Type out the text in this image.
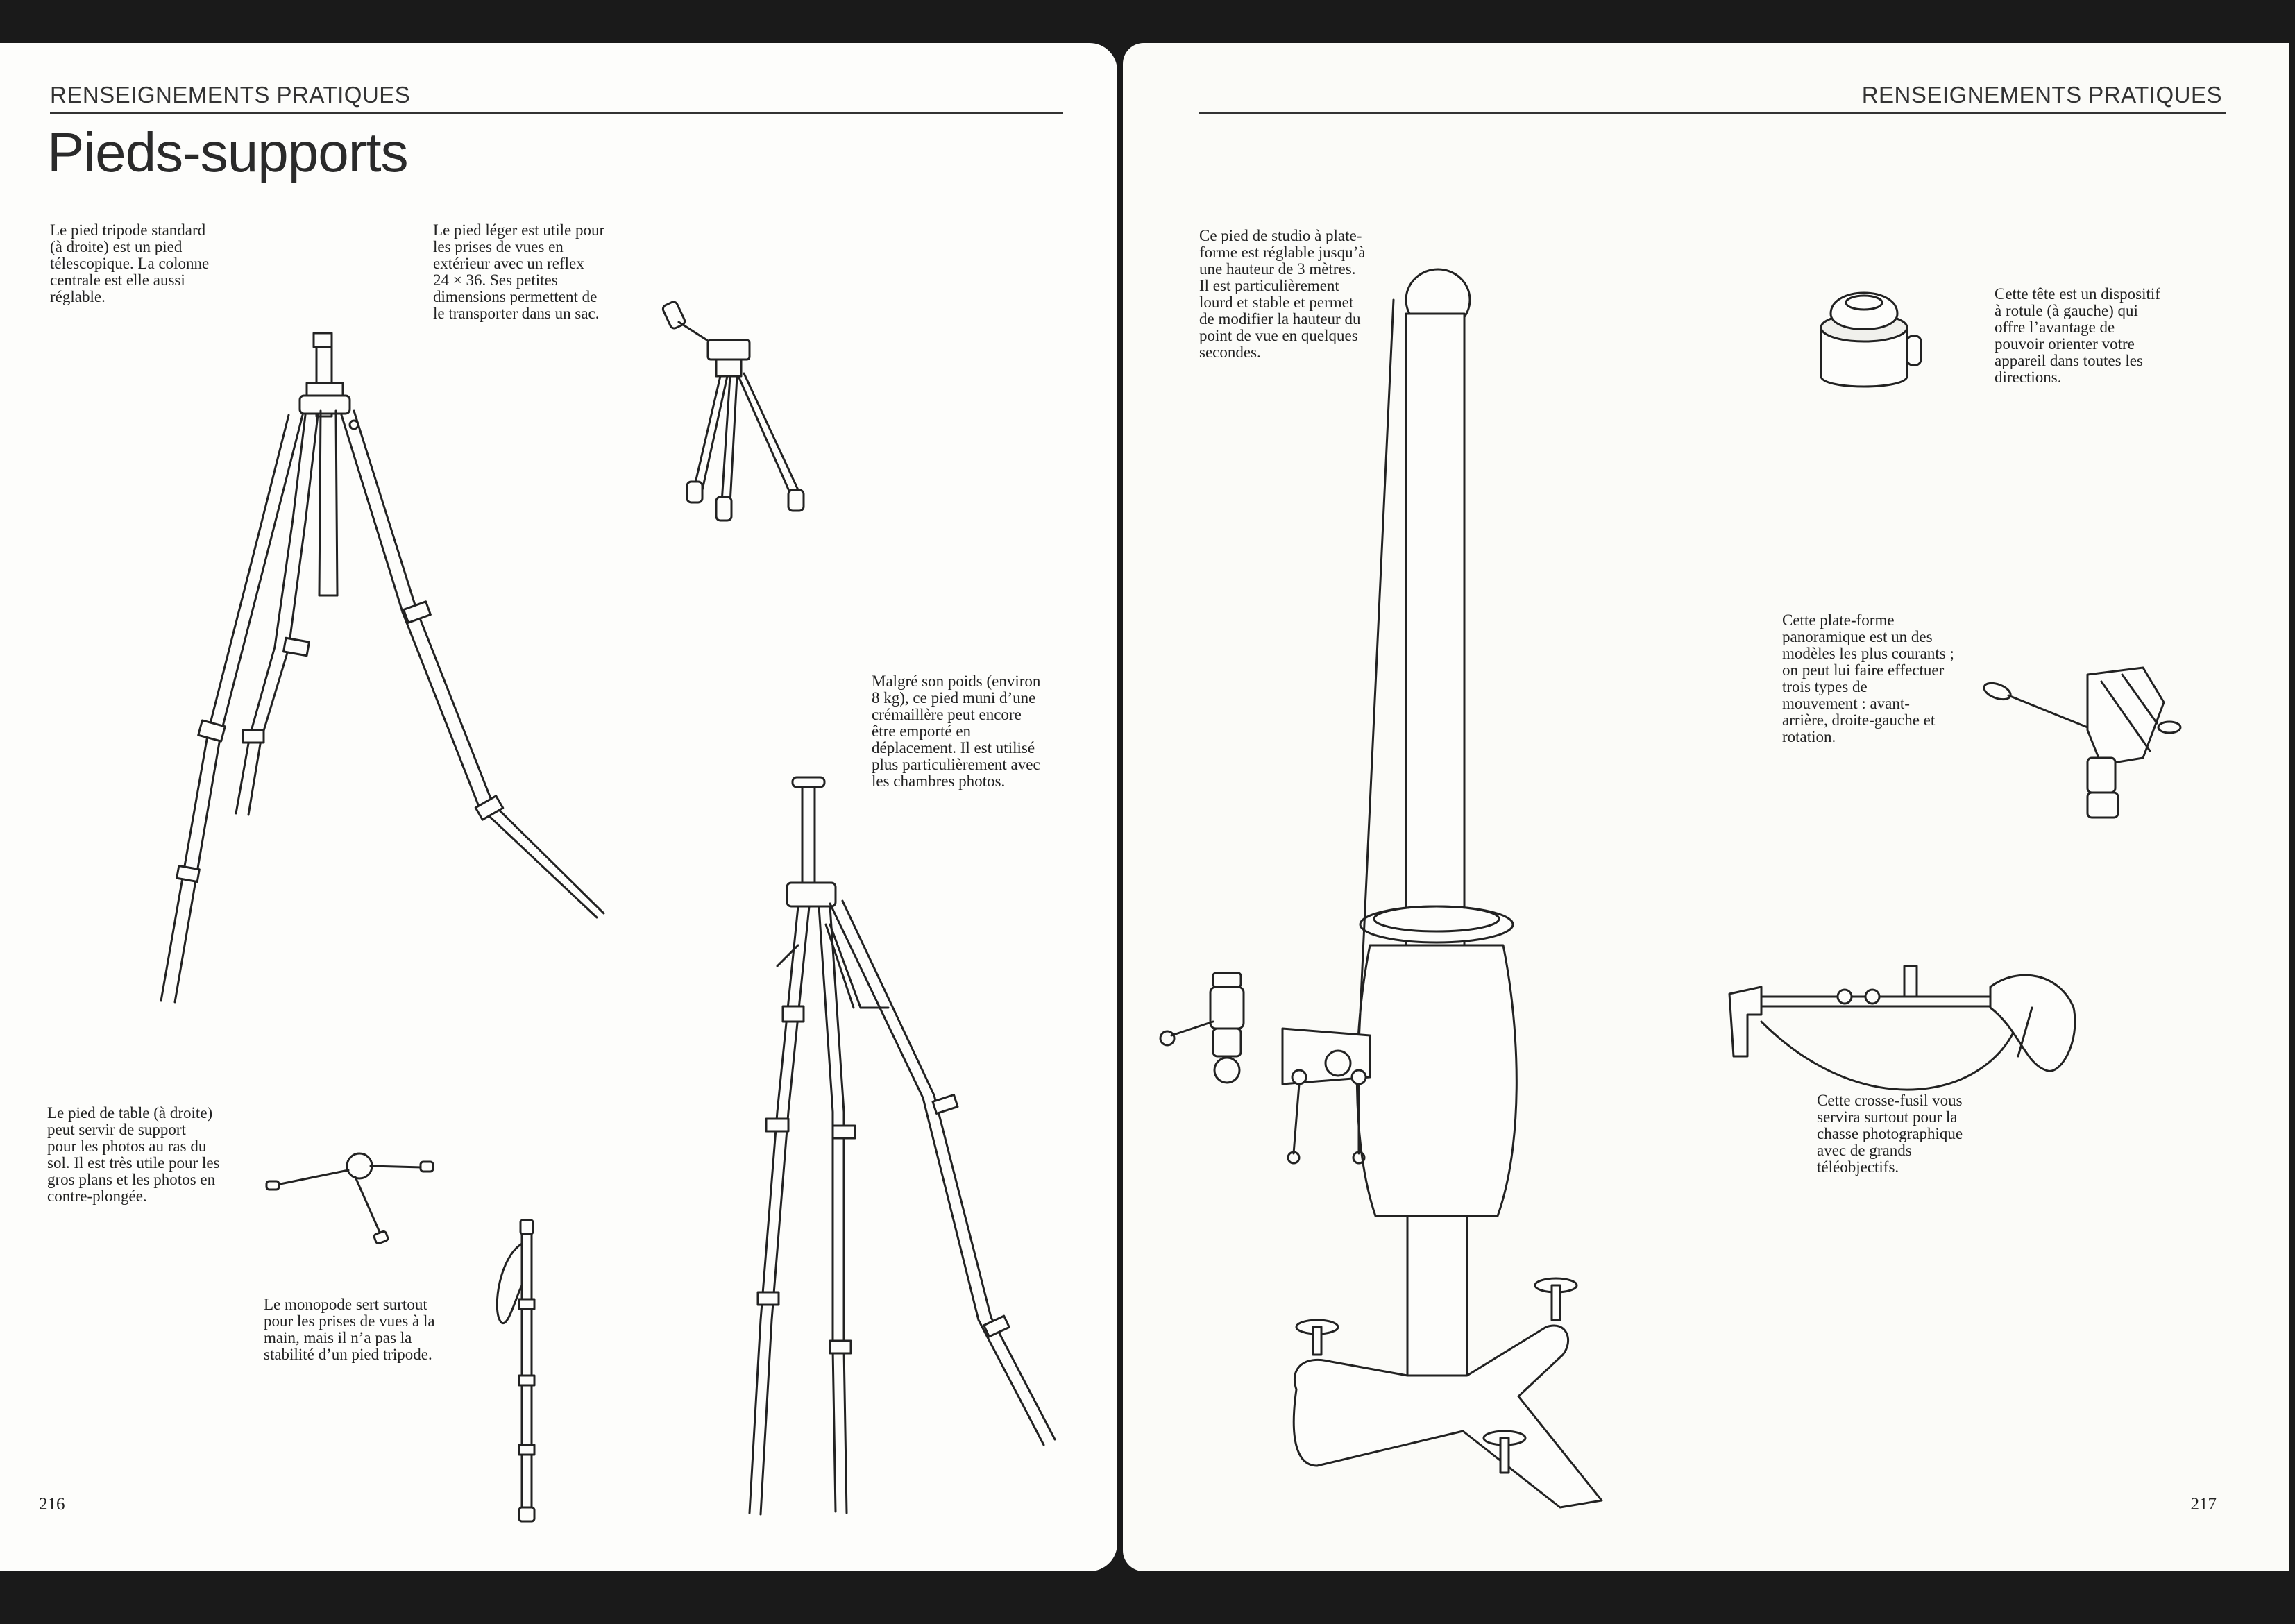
RENSEIGNEMENTS PRATIQUES
Pieds-supports
Le pied tripode standard
(à droite) est un pied
télescopique. La colonne
centrale est elle aussi
réglable.
Le pied léger est utile pour
les prises de vues en
extérieur avec un reflex
24 × 36. Ses petites
dimensions permettent de
le transporter dans un sac.
Malgré son poids (environ
8 kg), ce pied muni d’une
crémaillère peut encore
être emporté en
déplacement. Il est utilisé
plus particulièrement avec
les chambres photos.
Le pied de table (à droite)
peut servir de support
pour les photos au ras du
sol. Il est très utile pour les
gros plans et les photos en
contre-plongée.
Le monopode sert surtout
pour les prises de vues à la
main, mais il n’a pas la
stabilité d’un pied tripode.
216
RENSEIGNEMENTS PRATIQUES
Ce pied de studio à plate-
forme est réglable jusqu’à
une hauteur de 3 mètres.
Il est particulièrement
lourd et stable et permet
de modifier la hauteur du
point de vue en quelques
secondes.
Cette tête est un dispositif
à rotule (à gauche) qui
offre l’avantage de
pouvoir orienter votre
appareil dans toutes les
directions.
Cette plate-forme
panoramique est un des
modèles les plus courants ;
on peut lui faire effectuer
trois types de
mouvement : avant-
arrière, droite-gauche et
rotation.
Cette crosse-fusil vous
servira surtout pour la
chasse photographique
avec de grands
téléobjectifs.
217
